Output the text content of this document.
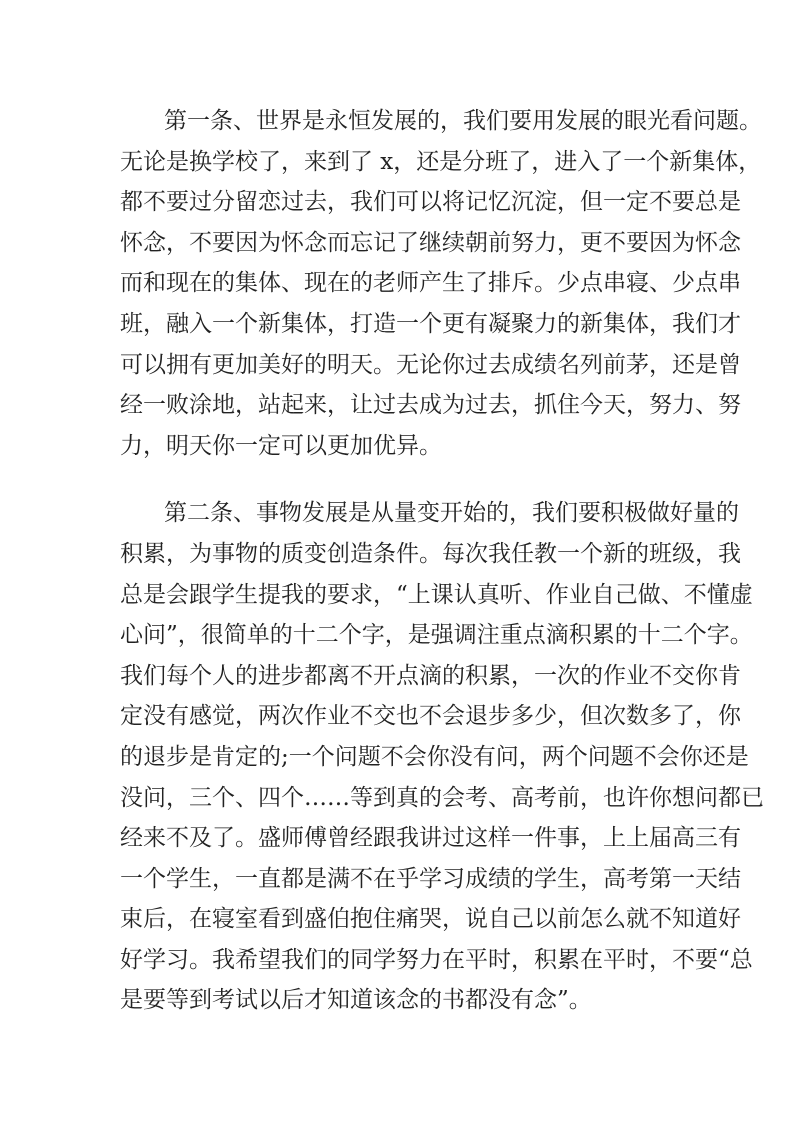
第一条、世界是永恒发展的，我们要用发展的眼光看问题。
无论是换学校了，来到了 x，还是分班了，进入了一个新集体，
都不要过分留恋过去，我们可以将记忆沉淀，但一定不要总是
怀念，不要因为怀念而忘记了继续朝前努力，更不要因为怀念
而和现在的集体、现在的老师产生了排斥。少点串寝、少点串
班，融入一个新集体，打造一个更有凝聚力的新集体，我们才
可以拥有更加美好的明天。无论你过去成绩名列前茅，还是曾
经一败涂地，站起来，让过去成为过去，抓住今天，努力、努
力，明天你一定可以更加优异。
第二条、事物发展是从量变开始的，我们要积极做好量的
积累，为事物的质变创造条件。每次我任教一个新的班级，我
总是会跟学生提我的要求，“上课认真听、作业自己做、不懂虚
心问”，很简单的十二个字，是强调注重点滴积累的十二个字。
我们每个人的进步都离不开点滴的积累，一次的作业不交你肯
定没有感觉，两次作业不交也不会退步多少，但次数多了，你
的退步是肯定的;一个问题不会你没有问，两个问题不会你还是
没问，三个、四个……等到真的会考、高考前，也许你想问都已
经来不及了。盛师傅曾经跟我讲过这样一件事，上上届高三有
一个学生，一直都是满不在乎学习成绩的学生，高考第一天结
束后，在寝室看到盛伯抱住痛哭，说自己以前怎么就不知道好
好学习。我希望我们的同学努力在平时，积累在平时，不要“总
是要等到考试以后才知道该念的书都没有念”。
